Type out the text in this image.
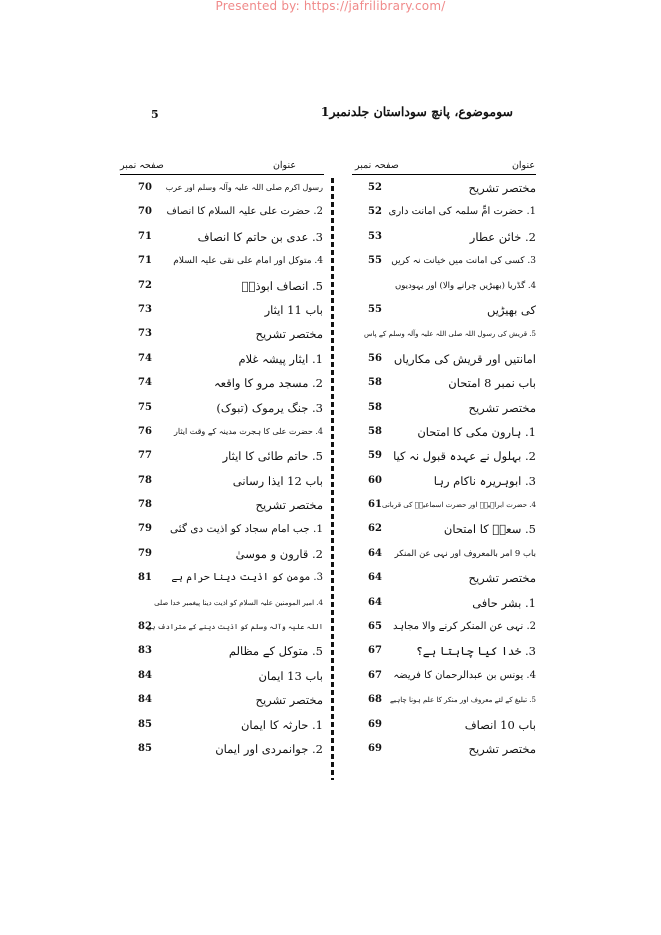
Presented by: https://jafrilibrary.com/
5	سوموضوع، پانچ سوداستان جلدنمبر1
عنوان
صفحہ نمبر
عنوان
صفحہ نمبر
مختصر تشریح
52
1. حضرت امِّ سلمہ کی امانت داری
52
2. خائن عطار
53
3. کسی کی امانت میں خیانت نہ کریں
55
4. گڈریا (بھیڑیں چرانے والا) اور یہودیوں
کی بھیڑیں
55
5. قریش کی رسول اللہ صلی اللہ علیہ وآلہ وسلم کے پاس
امانتیں اور قریش کی مکاریاں
56
باب نمبر 8 امتحان
58
مختصر تشریح
58
1. ہارون مکی کا امتحان
58
2. بہلول نے عہدہ قبول نہ کیا
59
3. ابوہریرہ ناکام رہا
60
4. حضرت ابراہیمؑ اور حضرت اسماعیلؑ کی قربانی
61
5. سعدؓ کا امتحان
62
باب 9 امر بالمعروف اور نہی عن المنکر
64
مختصر تشریح
64
1. بشر حافی
64
2. نہی عن المنکر کرنے والا مجاہد
65
3. خدا کیا چاہتا ہے؟
67
4. یونس بن عبدالرحمان کا فریضہ
67
5. تبلیغ کے لئے معروف اور منکر کا علم ہونا چاہیے
68
باب 10 انصاف
69
مختصر تشریح
69
رسول اکرم صلی اللہ علیہ وآلہ وسلم اور عرب
70
2. حضرت علی علیہ السلام کا انصاف
70
3. عدی بن حاتم کا انصاف
71
4. متوکل اور امام علی نقی علیہ السلام
71
5. انصاف ابوذرؓ
72
باب 11 ایثار
73
مختصر تشریح
73
1. ایثار پیشہ غلام
74
2. مسجد مرو کا واقعہ
74
3. جنگ یرموک (تبوک)
75
4. حضرت علی کا ہجرت مدینہ کے وقت ایثار
76
5. حاتم طائی کا ایثار
77
باب 12 ایذا رسانی
78
مختصر تشریح
78
1. جب امام سجاد کو اذیت دی گئی
79
2. قارون و موسیٰ
79
3. مومن کو اذیت دینا حرام ہے
81
4. امیر المومنین علیہ السلام کو اذیت دینا پیغمبر خدا صلی
اللہ علیہ وآلہ وسلم کو اذیت دینے کے مترادف ہے
82
5. متوکل کے مظالم
83
باب 13 ایمان
84
مختصر تشریح
84
1. حارثہ کا ایمان
85
2. جوانمردی اور ایمان
85
